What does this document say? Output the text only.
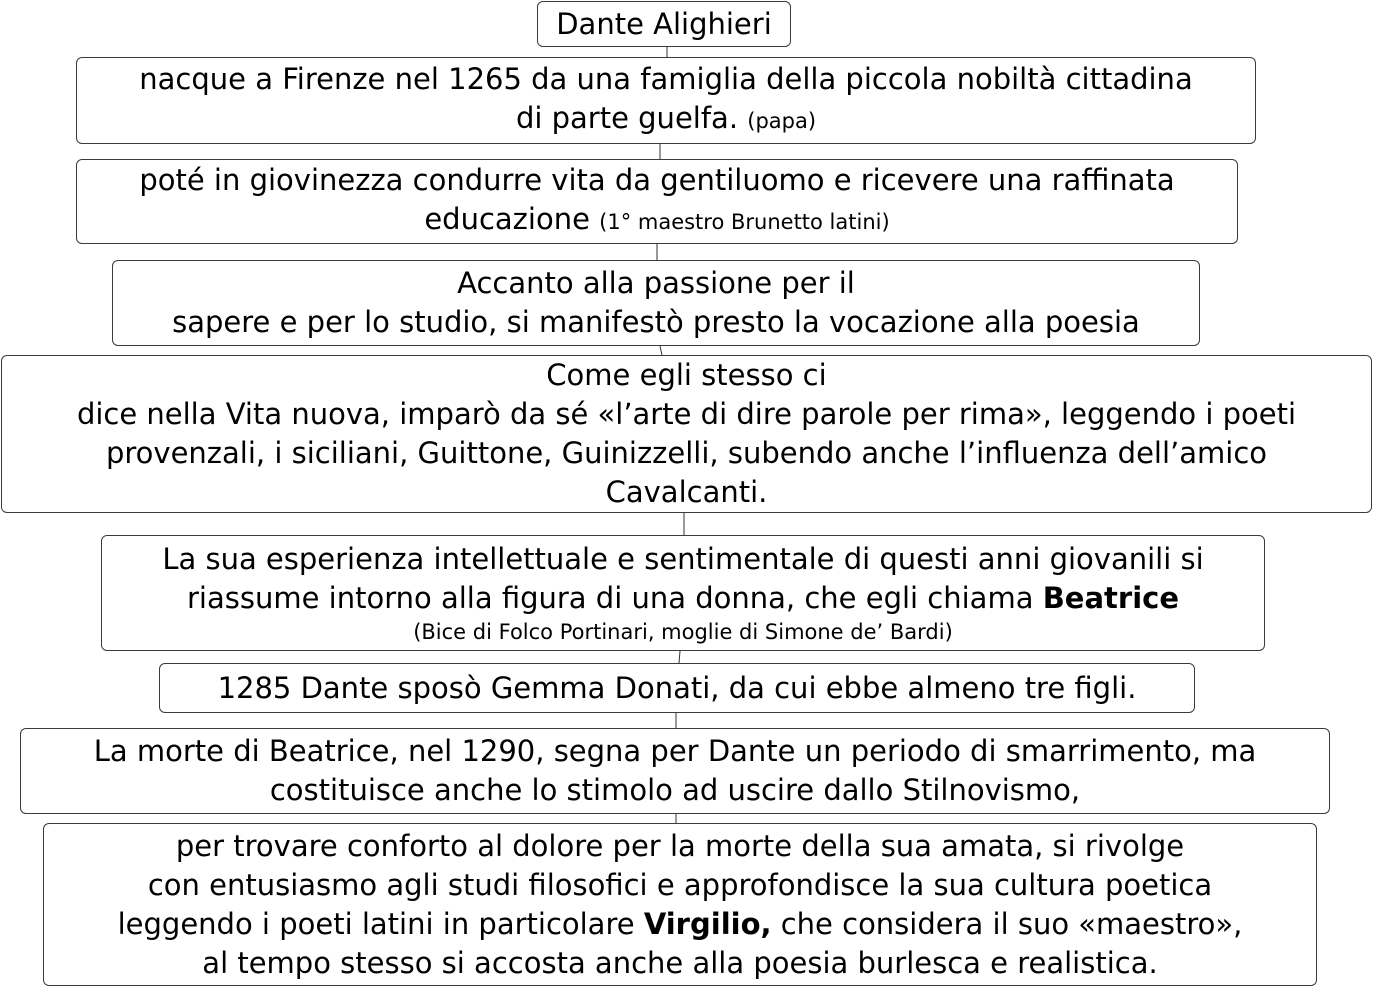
Dante Alighieri
nacque a Firenze nel 1265 da una famiglia della piccola nobiltà cittadina
di parte guelfa. (papa)
poté in giovinezza condurre vita da gentiluomo e ricevere una raffinata
educazione (1° maestro Brunetto latini)
Accanto alla passione per il
sapere e per lo studio, si manifestò presto la vocazione alla poesia
Come egli stesso ci
dice nella Vita nuova, imparò da sé «l’arte di dire parole per rima», leggendo i poeti
provenzali, i siciliani, Guittone, Guinizzelli, subendo anche l’influenza dell’amico
Cavalcanti.
La sua esperienza intellettuale e sentimentale di questi anni giovanili si
riassume intorno alla figura di una donna, che egli chiama Beatrice
(Bice di Folco Portinari, moglie di Simone de’ Bardi)
1285 Dante sposò Gemma Donati, da cui ebbe almeno tre figli.
La morte di Beatrice, nel 1290, segna per Dante un periodo di smarrimento, ma
costituisce anche lo stimolo ad uscire dallo Stilnovismo,
per trovare conforto al dolore per la morte della sua amata, si rivolge
con entusiasmo agli studi filosofici e approfondisce la sua cultura poetica
leggendo i poeti latini in particolare Virgilio, che considera il suo «maestro»,
al tempo stesso si accosta anche alla poesia burlesca e realistica.
